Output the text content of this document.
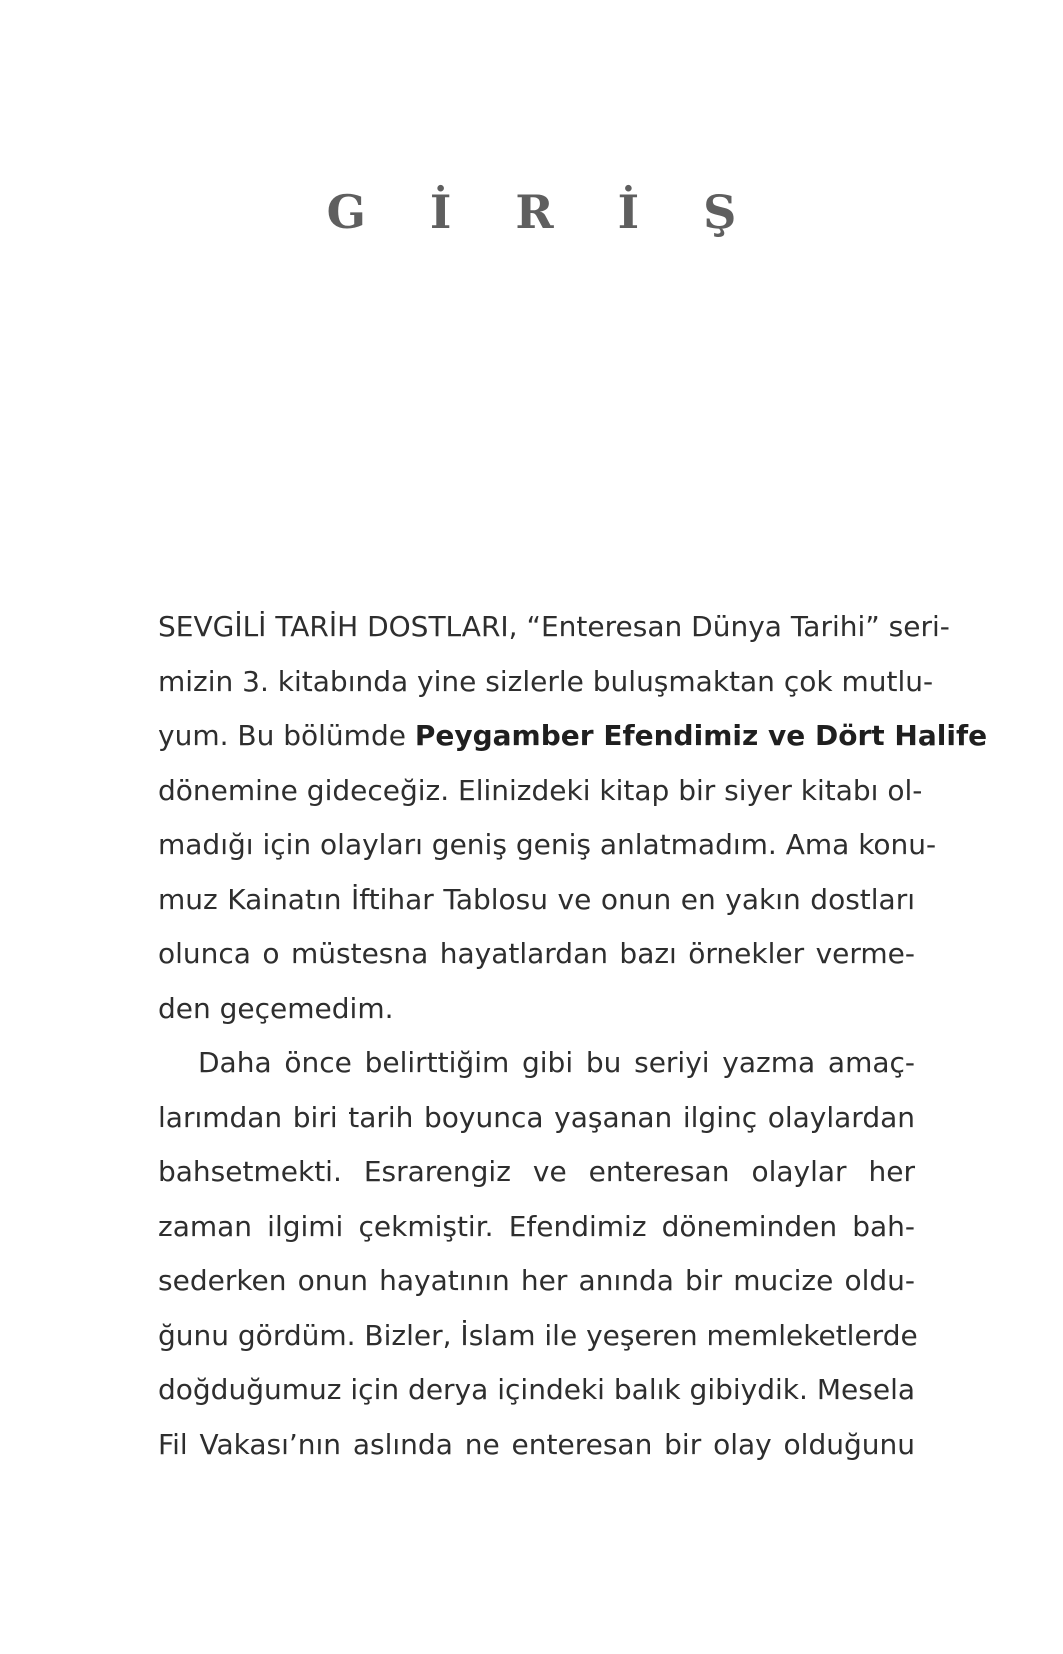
G İ R İ Ş
SEVGİLİ TARİH DOSTLARI, “Enteresan Dünya Tarihi” seri-
mizin 3. kitabında yine sizlerle buluşmaktan çok mutlu-
yum. Bu bölümde Peygamber Efendimiz ve Dört Halife
dönemine gideceğiz. Elinizdeki kitap bir siyer kitabı ol-
madığı için olayları geniş geniş anlatmadım. Ama konu-
muz Kainatın İftihar Tablosu ve onun en yakın dostları
olunca o müstesna hayatlardan bazı örnekler verme-
den geçemedim.
Daha önce belirttiğim gibi bu seriyi yazma amaç-
larımdan biri tarih boyunca yaşanan ilginç olaylardan
bahsetmekti. Esrarengiz ve enteresan olaylar her
zaman ilgimi çekmiştir. Efendimiz döneminden bah-
sederken onun hayatının her anında bir mucize oldu-
ğunu gördüm. Bizler, İslam ile yeşeren memleketlerde
doğduğumuz için derya içindeki balık gibiydik. Mesela
Fil Vakası’nın aslında ne enteresan bir olay olduğunu
